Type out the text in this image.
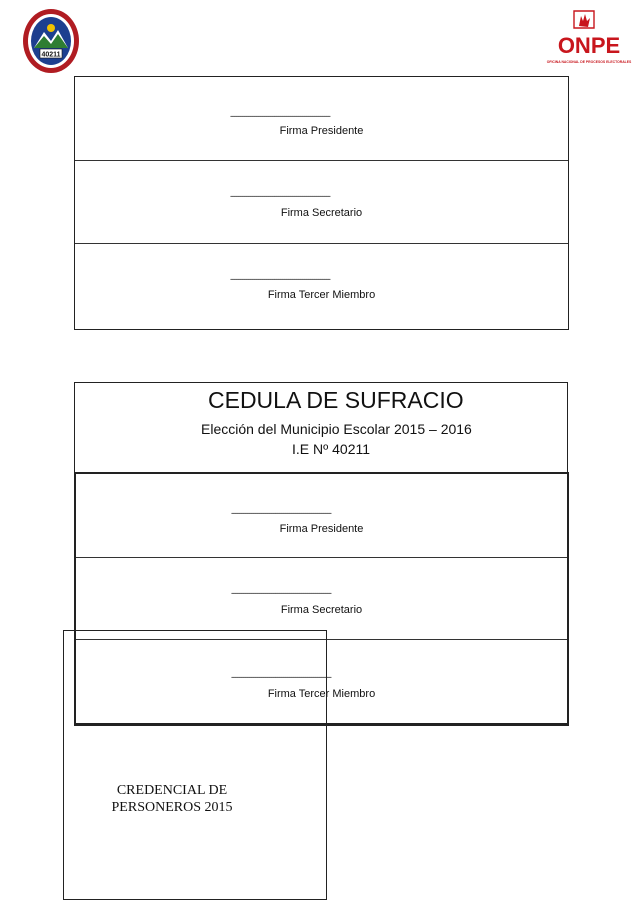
40211	ONPE
OFICINA NACIONAL DE PROCESOS ELECTORALES
--------------------------------------------------
Firma Presidente
--------------------------------------------------
Firma Secretario
--------------------------------------------------
Firma Tercer Miembro
CEDULA DE SUFRACIO
Elección del Municipio Escolar 2015 – 2016
I.E Nº 40211
--------------------------------------------------
Firma Presidente
--------------------------------------------------
Firma Secretario
--------------------------------------------------
Firma Tercer Miembro
CREDENCIAL DE
PERSONEROS 2015
